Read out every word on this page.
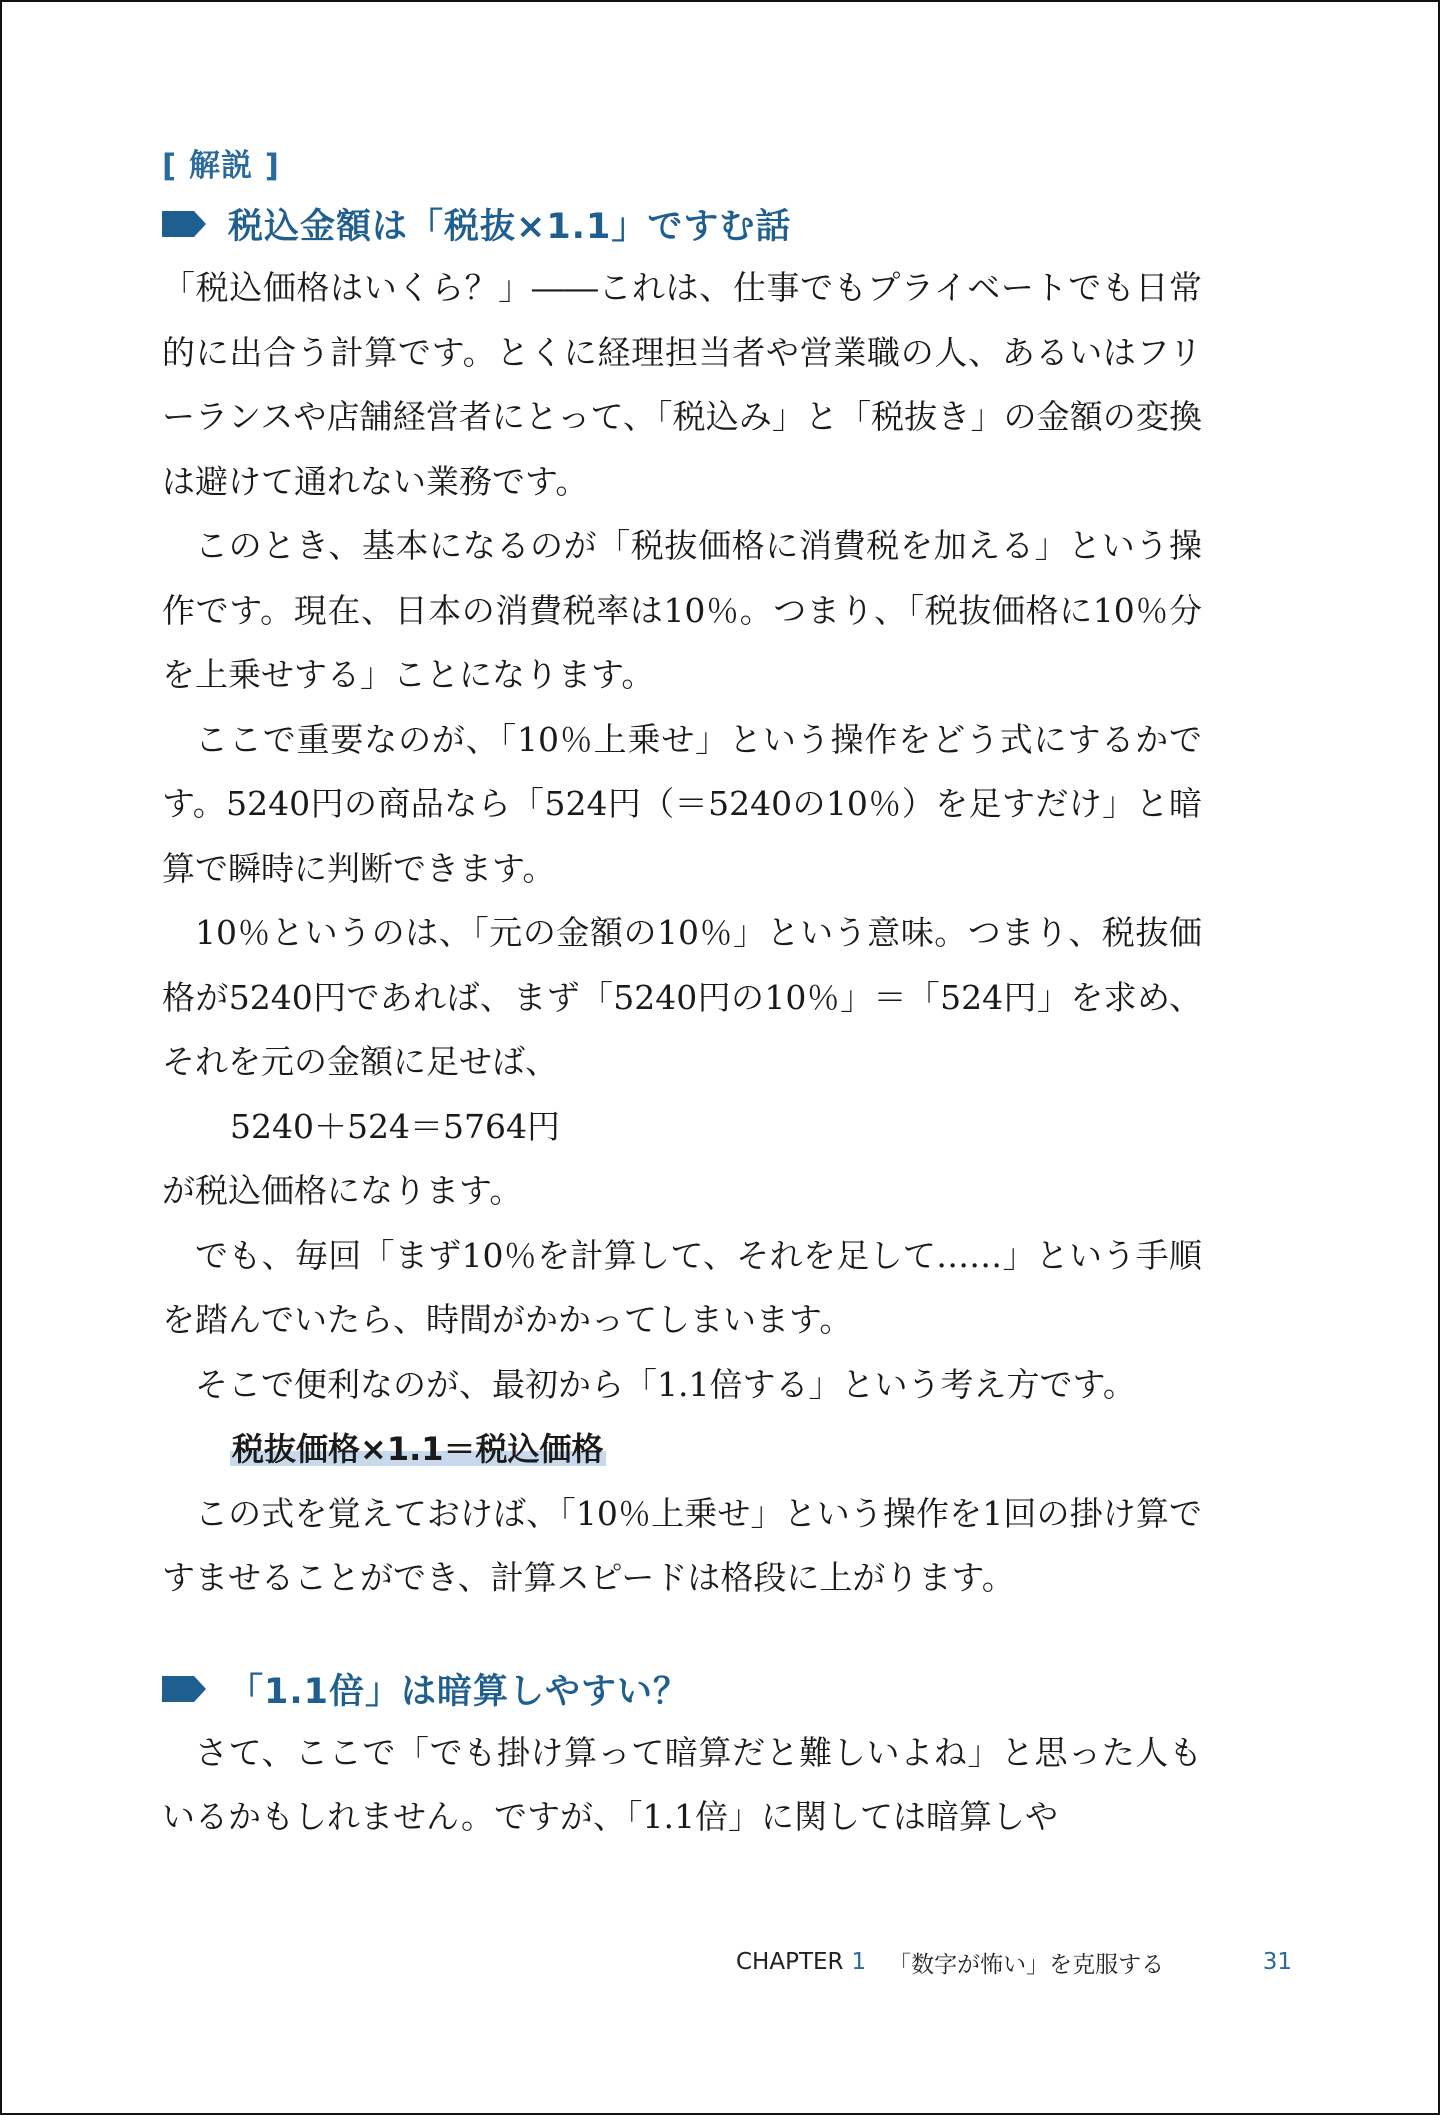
[ 解説 ]
税込金額は「税抜×1.1」ですむ話

「税込価格はいくら？」――これは、仕事でもプライベートでも日常的に出合う計算です。とくに経理担当者や営業職の人、あるいはフリーランスや店舗経営者にとって、「税込み」と「税抜き」の金額の変換は避けて通れない業務です。

このとき、基本になるのが「税抜価格に消費税を加える」という操作です。現在、日本の消費税率は10％。つまり、「税抜価格に10％分を上乗せする」ことになります。

ここで重要なのが、「10％上乗せ」という操作をどう式にするかです。5240円の商品なら「524円（＝5240の10％）を足すだけ」と暗算で瞬時に判断できます。

10％というのは、「元の金額の10％」という意味。つまり、税抜価格が5240円であれば、まず「5240円の10％」＝「524円」を求め、それを元の金額に足せば、

5240＋524＝5764円

が税込価格になります。

でも、毎回「まず10％を計算して、それを足して……」という手順を踏んでいたら、時間がかかってしまいます。

そこで便利なのが、最初から「1.1倍する」という考え方です。

税抜価格×1.1＝税込価格

この式を覚えておけば、「10％上乗せ」という操作を1回の掛け算ですませることができ、計算スピードは格段に上がります。

「1.1倍」は暗算しやすい？

さて、ここで「でも掛け算って暗算だと難しいよね」と思った人もいるかもしれません。ですが、「1.1倍」に関しては暗算しや

CHAPTER 1 「数字が怖い」を克服する	31
